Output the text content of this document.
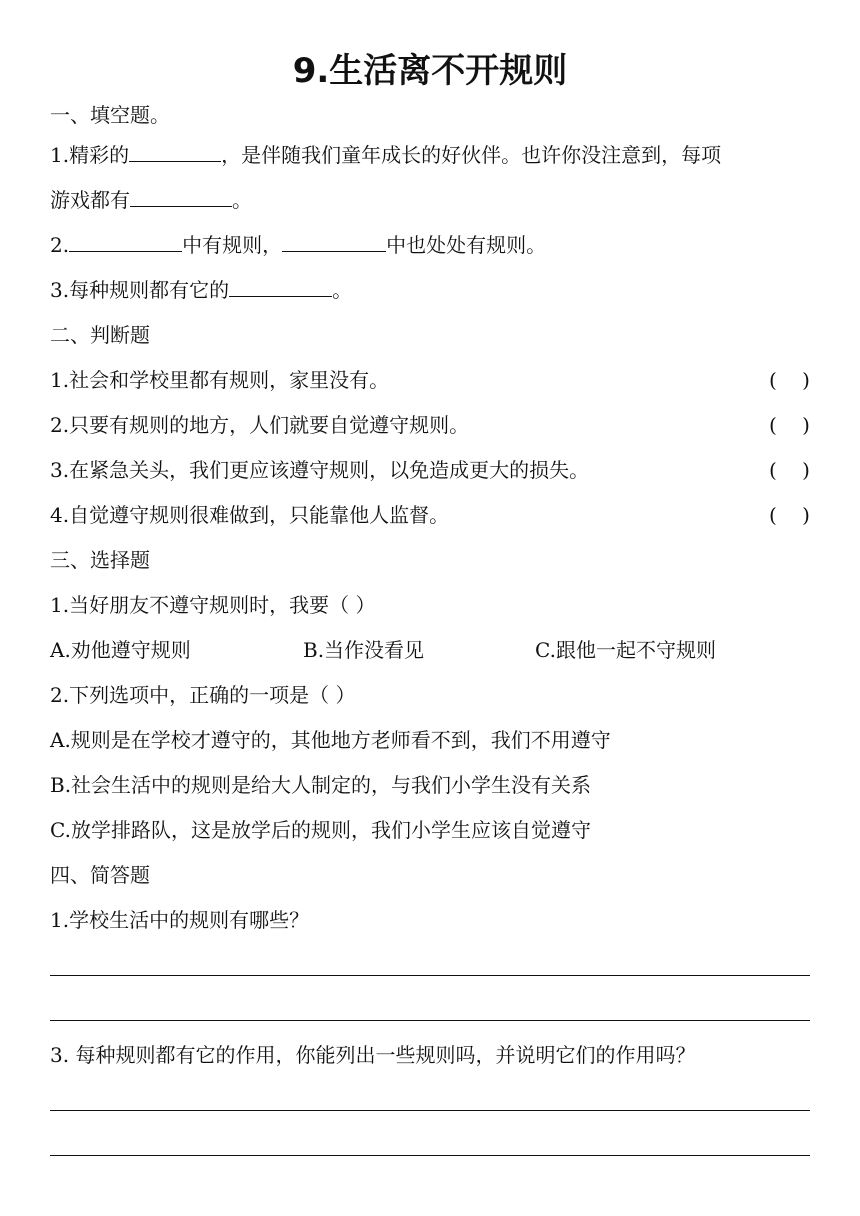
9.生活离不开规则
一、填空题。
1.精彩的	，是伴随我们童年成长的好伙伴。也许你没注意到，每项
游戏都有	。
2.	中有规则，	中也处处有规则。
3.每种规则都有它的	。
二、判断题
1.社会和学校里都有规则，家里没有。	(    )
2.只要有规则的地方，人们就要自觉遵守规则。	(    )
3.在紧急关头，我们更应该遵守规则，以免造成更大的损失。	(    )
4.自觉遵守规则很难做到，只能靠他人监督。	(    )
三、选择题
1.当好朋友不遵守规则时，我要（ ）
A.劝他遵守规则	B.当作没看见	C.跟他一起不守规则
2.下列选项中，正确的一项是（ ）
A.规则是在学校才遵守的，其他地方老师看不到，我们不用遵守
B.社会生活中的规则是给大人制定的，与我们小学生没有关系
C.放学排路队，这是放学后的规则，我们小学生应该自觉遵守
四、简答题
1.学校生活中的规则有哪些？
3. 每种规则都有它的作用，你能列出一些规则吗，并说明它们的作用吗？
